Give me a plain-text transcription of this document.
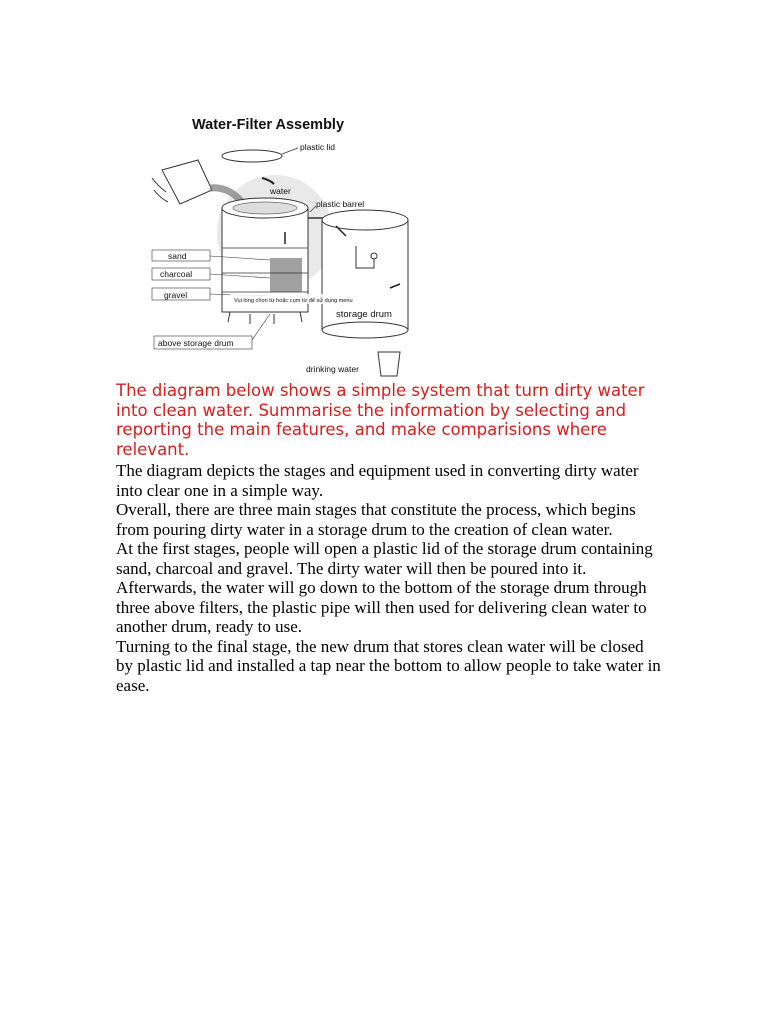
Water-Filter Assembly
plastic lid
water
plastic barrel
storage drum
sand
charcoal
gravel
Vui lòng chọn từ hoặc cụm từ để sử dụng menu
above storage drum
drinking water

The diagram below shows a simple system that turn dirty water into clean water. Summarise the information by selecting and reporting the main features, and make comparisions where relevant.

The diagram depicts the stages and equipment used in converting dirty water into clear one in a simple way.

Overall, there are three main stages that constitute the process, which begins from pouring dirty water in a storage drum to the creation of clean water.

At the first stages, people will open a plastic lid of the storage drum containing sand, charcoal and gravel. The dirty water will then be poured into it. Afterwards, the water will go down to the bottom of the storage drum through three above filters, the plastic pipe will then used for delivering clean water to another drum, ready to use.

Turning to the final stage, the new drum that stores clean water will be closed by plastic lid and installed a tap near the bottom to allow people to take water in ease.
